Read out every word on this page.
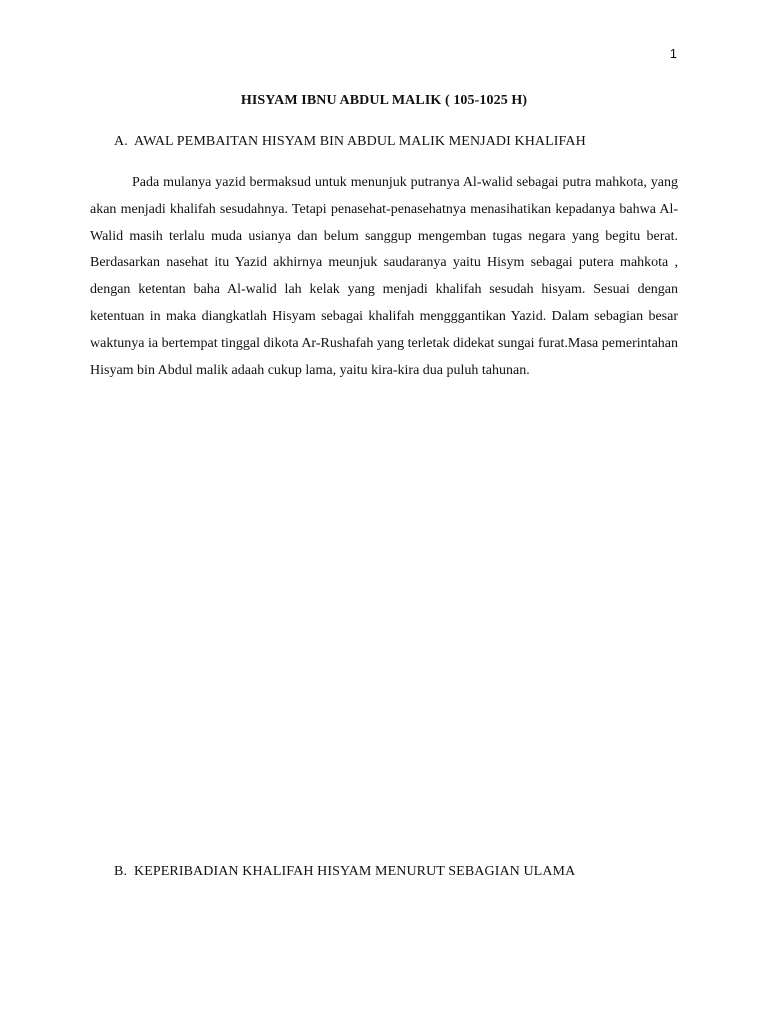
1
HISYAM IBNU ABDUL MALIK ( 105-1025 H)
A. AWAL PEMBAITAN HISYAM BIN ABDUL MALIK MENJADI KHALIFAH

Pada mulanya yazid bermaksud untuk menunjuk putranya Al-walid sebagai putra mahkota, yang akan menjadi khalifah sesudahnya. Tetapi penasehat-penasehatnya menasihatikan kepadanya bahwa Al-Walid masih terlalu muda usianya dan belum sanggup mengemban tugas negara yang begitu berat. Berdasarkan nasehat itu Yazid akhirnya meunjuk saudaranya yaitu Hisym sebagai putera mahkota , dengan ketentan baha Al-walid lah kelak yang menjadi khalifah sesudah hisyam. Sesuai dengan ketentuan in maka diangkatlah Hisyam sebagai khalifah mengggantikan Yazid. Dalam sebagian besar waktunya ia bertempat tinggal dikota Ar-Rushafah yang terletak didekat sungai furat.Masa pemerintahan Hisyam bin Abdul malik adaah cukup lama, yaitu kira-kira dua puluh tahunan.

B. KEPERIBADIAN KHALIFAH HISYAM MENURUT SEBAGIAN ULAMA
